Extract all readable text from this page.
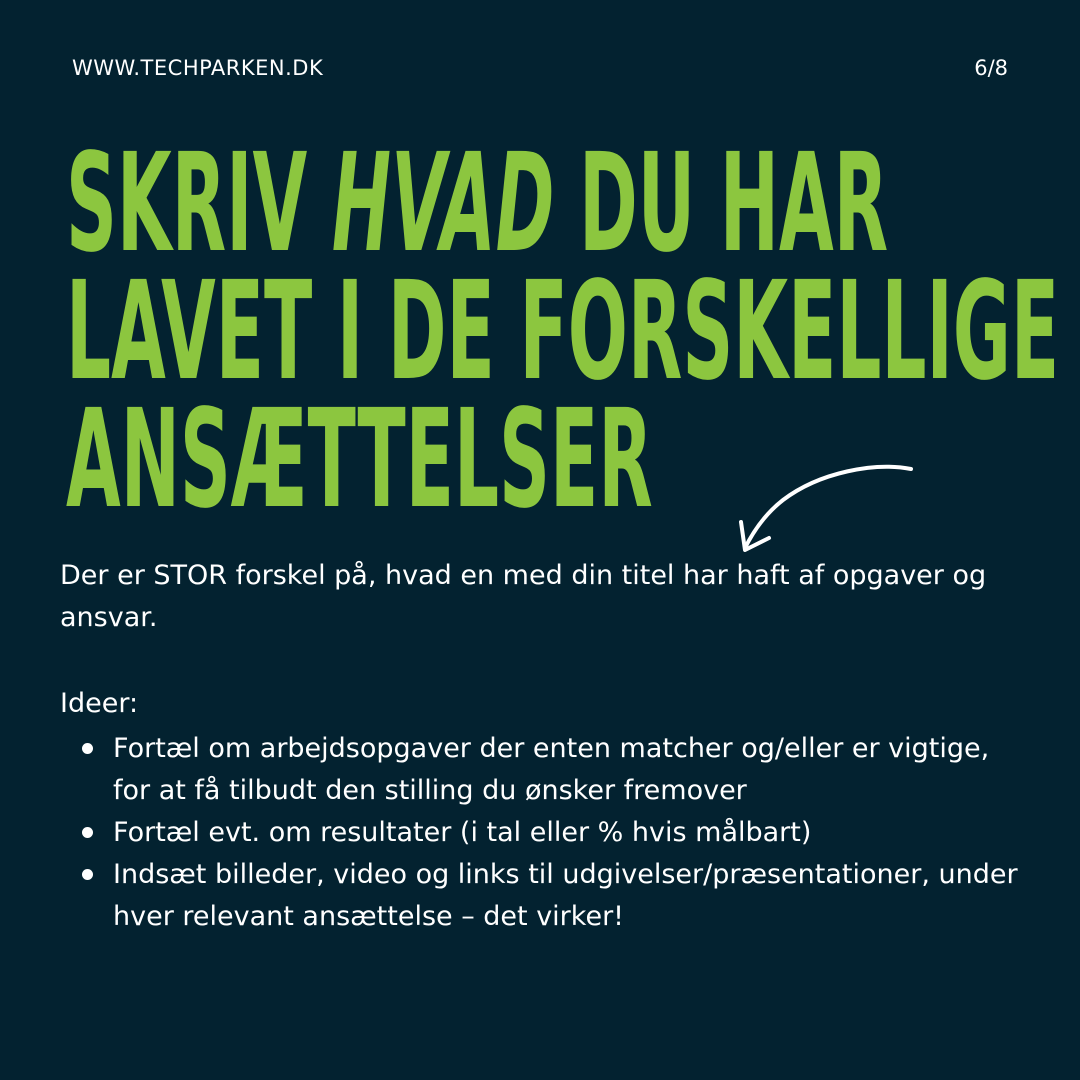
WWW.TECHPARKEN.DK	6/8
SKRIV HVAD DU HAR
LAVET I DE FORSKELLIGE
ANSÆTTELSER

Der er STOR forskel på, hvad en med din titel har haft af opgaver og ansvar.

Ideer:

Fortæl om arbejdsopgaver der enten matcher og/eller er vigtige, for at få tilbudt den stilling du ønsker fremover
Fortæl evt. om resultater (i tal eller % hvis målbart)
Indsæt billeder, video og links til udgivelser/præsentationer, under hver relevant ansættelse – det virker!
